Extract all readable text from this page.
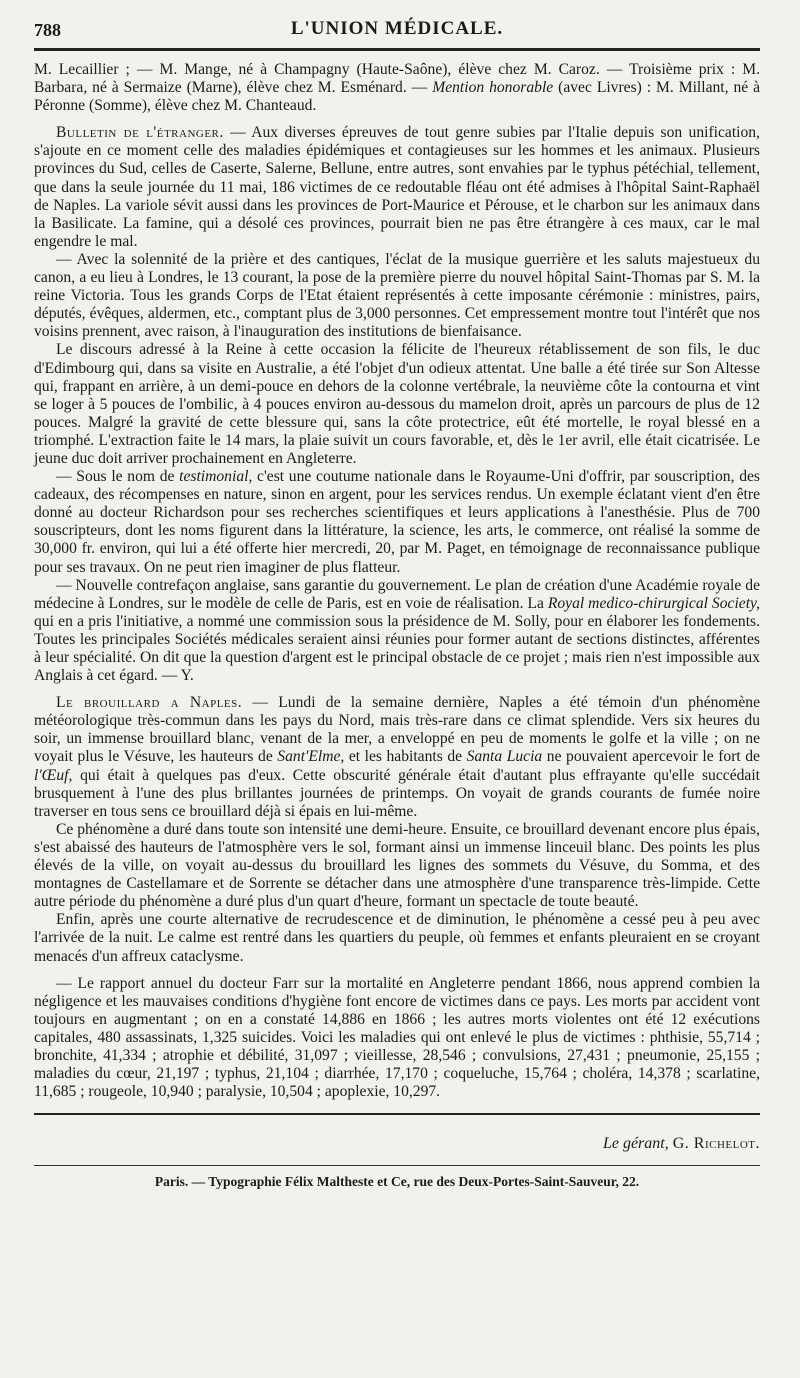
788	L'UNION MÉDICALE.

M. Lecaillier ; — M. Mange, né à Champagny (Haute-Saône), élève chez M. Caroz. — Troisième prix : M. Barbara, né à Sermaize (Marne), élève chez M. Esménard. — Mention honorable (avec Livres) : M. Millant, né à Péronne (Somme), élève chez M. Chanteaud.

Bulletin de l'étranger. — Aux diverses épreuves de tout genre subies par l'Italie depuis son unification, s'ajoute en ce moment celle des maladies épidémiques et contagieuses sur les hommes et les animaux. Plusieurs provinces du Sud, celles de Caserte, Salerne, Bellune, entre autres, sont envahies par le typhus pétéchial, tellement, que dans la seule journée du 11 mai, 186 victimes de ce redoutable fléau ont été admises à l'hôpital Saint-Raphaël de Naples. La variole sévit aussi dans les provinces de Port-Maurice et Pérouse, et le charbon sur les animaux dans la Basilicate. La famine, qui a désolé ces provinces, pourrait bien ne pas être étrangère à ces maux, car le mal engendre le mal.

— Avec la solennité de la prière et des cantiques, l'éclat de la musique guerrière et les saluts majestueux du canon, a eu lieu à Londres, le 13 courant, la pose de la première pierre du nouvel hôpital Saint-Thomas par S. M. la reine Victoria. Tous les grands Corps de l'Etat étaient représentés à cette imposante cérémonie : ministres, pairs, députés, évêques, aldermen, etc., comptant plus de 3,000 personnes. Cet empressement montre tout l'intérêt que nos voisins prennent, avec raison, à l'inauguration des institutions de bienfaisance.

Le discours adressé à la Reine à cette occasion la félicite de l'heureux rétablissement de son fils, le duc d'Edimbourg qui, dans sa visite en Australie, a été l'objet d'un odieux attentat. Une balle a été tirée sur Son Altesse qui, frappant en arrière, à un demi-pouce en dehors de la colonne vertébrale, la neuvième côte la contourna et vint se loger à 5 pouces de l'ombilic, à 4 pouces environ au-dessous du mamelon droit, après un parcours de plus de 12 pouces. Malgré la gravité de cette blessure qui, sans la côte protectrice, eût été mortelle, le royal blessé en a triomphé. L'extraction faite le 14 mars, la plaie suivit un cours favorable, et, dès le 1er avril, elle était cicatrisée. Le jeune duc doit arriver prochainement en Angleterre.

— Sous le nom de testimonial, c'est une coutume nationale dans le Royaume-Uni d'offrir, par souscription, des cadeaux, des récompenses en nature, sinon en argent, pour les services rendus. Un exemple éclatant vient d'en être donné au docteur Richardson pour ses recherches scientifiques et leurs applications à l'anesthésie. Plus de 700 souscripteurs, dont les noms figurent dans la littérature, la science, les arts, le commerce, ont réalisé la somme de 30,000 fr. environ, qui lui a été offerte hier mercredi, 20, par M. Paget, en témoignage de reconnaissance publique pour ses travaux. On ne peut rien imaginer de plus flatteur.

— Nouvelle contrefaçon anglaise, sans garantie du gouvernement. Le plan de création d'une Académie royale de médecine à Londres, sur le modèle de celle de Paris, est en voie de réalisation. La Royal medico-chirurgical Society, qui en a pris l'initiative, a nommé une commission sous la présidence de M. Solly, pour en élaborer les fondements. Toutes les principales Sociétés médicales seraient ainsi réunies pour former autant de sections distinctes, afférentes à leur spécialité. On dit que la question d'argent est le principal obstacle de ce projet ; mais rien n'est impossible aux Anglais à cet égard. — Y.

Le brouillard a Naples. — Lundi de la semaine dernière, Naples a été témoin d'un phénomène météorologique très-commun dans les pays du Nord, mais très-rare dans ce climat splendide. Vers six heures du soir, un immense brouillard blanc, venant de la mer, a enveloppé en peu de moments le golfe et la ville ; on ne voyait plus le Vésuve, les hauteurs de Sant'Elme, et les habitants de Santa Lucia ne pouvaient apercevoir le fort de l'Œuf, qui était à quelques pas d'eux. Cette obscurité générale était d'autant plus effrayante qu'elle succédait brusquement à l'une des plus brillantes journées de printemps. On voyait de grands courants de fumée noire traverser en tous sens ce brouillard déjà si épais en lui-même.

Ce phénomène a duré dans toute son intensité une demi-heure. Ensuite, ce brouillard devenant encore plus épais, s'est abaissé des hauteurs de l'atmosphère vers le sol, formant ainsi un immense linceuil blanc. Des points les plus élevés de la ville, on voyait au-dessus du brouillard les lignes des sommets du Vésuve, du Somma, et des montagnes de Castellamare et de Sorrente se détacher dans une atmosphère d'une transparence très-limpide. Cette autre période du phénomène a duré plus d'un quart d'heure, formant un spectacle de toute beauté.

Enfin, après une courte alternative de recrudescence et de diminution, le phénomène a cessé peu à peu avec l'arrivée de la nuit. Le calme est rentré dans les quartiers du peuple, où femmes et enfants pleuraient en se croyant menacés d'un affreux cataclysme.

— Le rapport annuel du docteur Farr sur la mortalité en Angleterre pendant 1866, nous apprend combien la négligence et les mauvaises conditions d'hygiène font encore de victimes dans ce pays. Les morts par accident vont toujours en augmentant ; on en a constaté 14,886 en 1866 ; les autres morts violentes ont été 12 exécutions capitales, 480 assassinats, 1,325 suicides. Voici les maladies qui ont enlevé le plus de victimes : phthisie, 55,714 ; bronchite, 41,334 ; atrophie et débilité, 31,097 ; vieillesse, 28,546 ; convulsions, 27,431 ; pneumonie, 25,155 ; maladies du cœur, 21,197 ; typhus, 21,104 ; diarrhée, 17,170 ; coqueluche, 15,764 ; choléra, 14,378 ; scarlatine, 11,685 ; rougeole, 10,940 ; paralysie, 10,504 ; apoplexie, 10,297.

Le gérant, G. Richelot.
Paris. — Typographie Félix Maltheste et Ce, rue des Deux-Portes-Saint-Sauveur, 22.
